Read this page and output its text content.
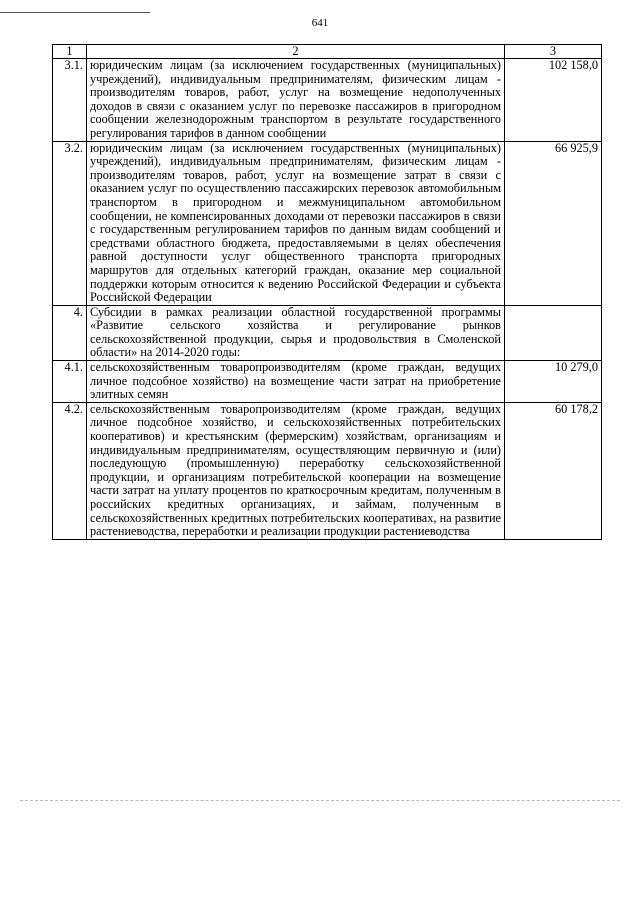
641
1	2	3
3.1.	юридическим лицам (за исключением государственных (муниципальных) учреждений), индивидуальным предпринимателям, физическим лицам - производителям товаров, работ, услуг на возмещение недополученных доходов в связи с оказанием услуг по перевозке пассажиров в пригородном сообщении железнодорожным транспортом в результате государственного регулирования тарифов в данном сообщении	102 158,0
3.2.	юридическим лицам (за исключением государственных (муниципальных) учреждений), индивидуальным предпринимателям, физическим лицам - производителям товаров, работ, услуг на возмещение затрат в связи с оказанием услуг по осуществлению пассажирских перевозок автомобильным транспортом в пригородном и межмуниципальном автомобильном сообщении, не компенсированных доходами от перевозки пассажиров в связи с государственным регулированием тарифов по данным видам сообщений и средствами областного бюджета, предоставляемыми в целях обеспечения равной доступности услуг общественного транспорта пригородных маршрутов для отдельных категорий граждан, оказание мер социальной поддержки которым относится к ведению Российской Федерации и субъекта Российской Федерации	66 925,9
4.	Субсидии в рамках реализации областной государственной программы «Развитие сельского хозяйства и регулирование рынков сельскохозяйственной продукции, сырья и продовольствия в Смоленской области» на 2014-2020 годы:	
4.1.	сельскохозяйственным товаропроизводителям (кроме граждан, ведущих личное подсобное хозяйство) на возмещение части затрат на приобретение элитных семян	10 279,0
4.2.	сельскохозяйственным товаропроизводителям (кроме граждан, ведущих личное подсобное хозяйство, и сельскохозяйственных потребительских кооперативов) и крестьянским (фермерским) хозяйствам, организациям и индивидуальным предпринимателям, осуществляющим первичную и (или) последующую (промышленную) переработку сельскохозяйственной продукции, и организациям потребительской кооперации на возмещение части затрат на уплату процентов по краткосрочным кредитам, полученным в российских кредитных организациях, и займам, полученным в сельскохозяйственных кредитных потребительских кооперативах, на развитие растениеводства, переработки и реализации продукции растениеводства	60 178,2
